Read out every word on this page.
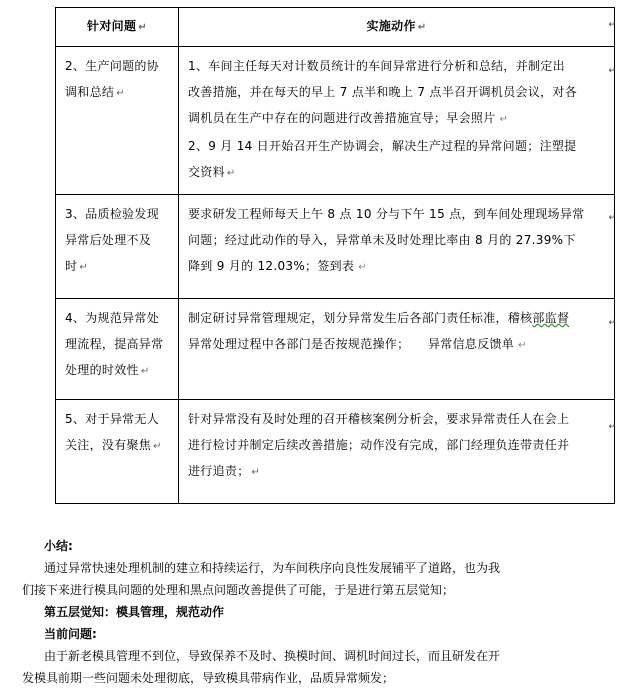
针对问题 ↵	实施动作 ↵

2、生产问题的协
调和总结 ↵	1、车间主任每天对计数员统计的车间异常进行分析和总结，并制定出
改善措施，并在每天的早上 7 点半和晚上 7 点半召开调机员会议，对各
调机员在生产中存在的问题进行改善措施宣导；早会照片 ↵
2、9 月 14 日开始召开生产协调会，解决生产过程的异常问题；注塑提
交资料 ↵

3、品质检验发现
异常后处理不及
时 ↵	要求研发工程师每天上午 8 点 10 分与下午 15 点，到车间处理现场异常
问题；经过此动作的导入，异常单未及时处理比率由 8 月的 27.39%下
降到 9 月的 12.03%；签到表 ↵

4、为规范异常处
理流程，提高异常
处理的时效性 ↵	制定研讨异常管理规定，划分异常发生后各部门责任标准，稽核部监督
异常处理过程中各部门是否按规范操作；　　异常信息反馈单 ↵

5、对于异常无人
关注，没有聚焦 ↵	针对异常没有及时处理的召开稽核案例分析会，要求异常责任人在会上
进行检讨并制定后续改善措施；动作没有完成，部门经理负连带责任并
进行追责； ↵
↵
↵
↵
↵
↵
小结:
通过异常快速处理机制的建立和持续运行，为车间秩序向良性发展铺平了道路，也为我
们接下来进行模具问题的处理和黑点问题改善提供了可能，于是进行第五层觉知；
第五层觉知：模具管理，规范动作
当前问题:
由于新老模具管理不到位，导致保养不及时、换模时间、调机时间过长，而且研发在开
发模具前期一些问题未处理彻底，导致模具带病作业，品质异常频发；
